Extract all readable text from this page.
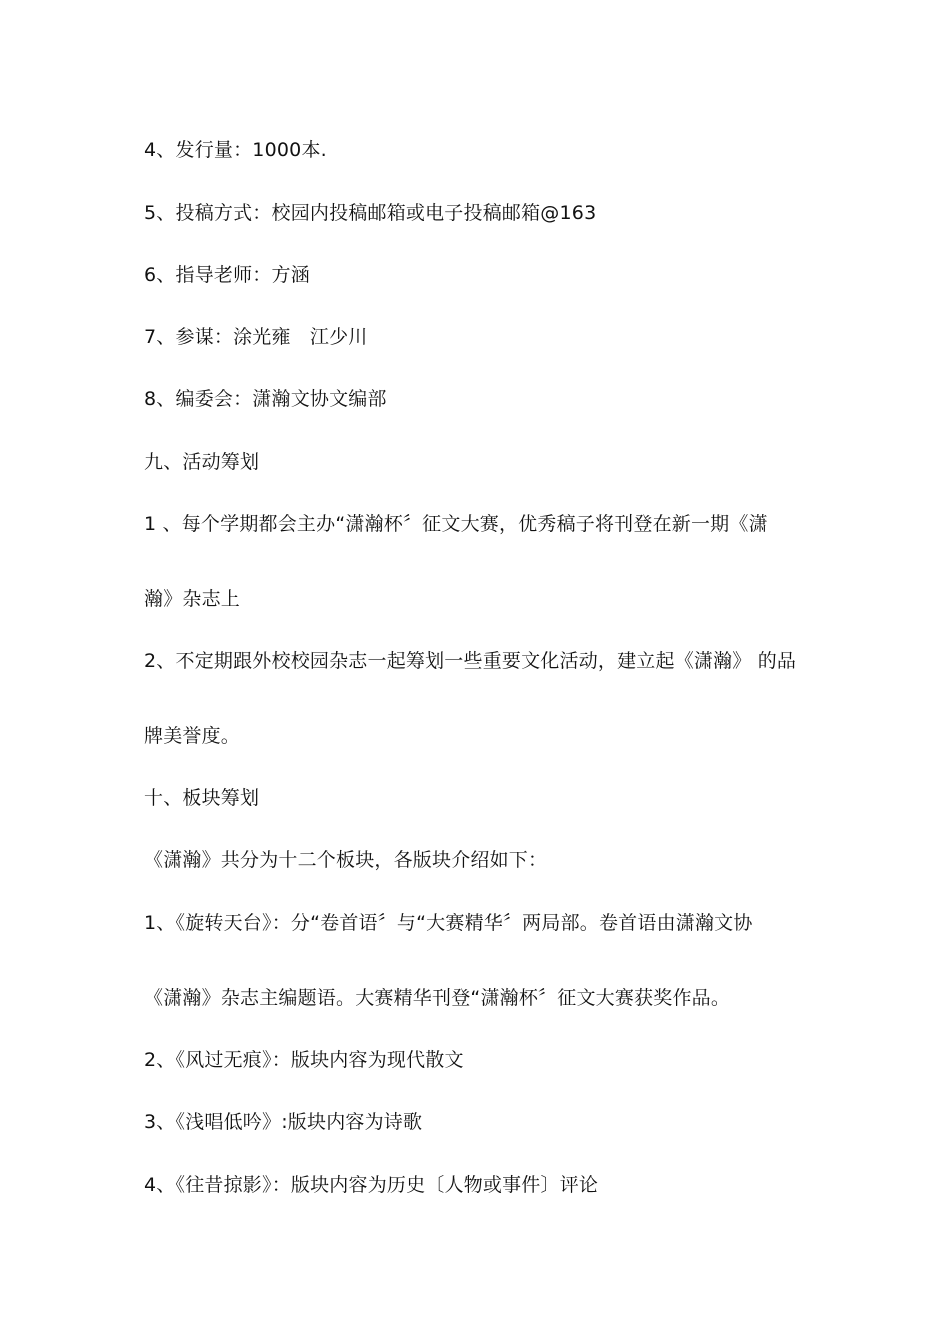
4、发行量：1000本.
5、投稿方式：校园内投稿邮箱或电子投稿邮箱@163
6、指导老师：方涵
7、参谋：涂光雍　江少川
8、编委会：潇瀚文协文编部
九、活动筹划
1 、每个学期都会主办“潇瀚杯〞征文大赛，优秀稿子将刊登在新一期《潇
瀚》杂志上
2、不定期跟外校校园杂志一起筹划一些重要文化活动，建立起《潇瀚》 的品
牌美誉度。
十、板块筹划
《潇瀚》共分为十二个板块，各版块介绍如下：
1、《旋转天台》：分“卷首语〞与“大赛精华〞两局部。卷首语由潇瀚文协
《潇瀚》杂志主编题语。大赛精华刊登“潇瀚杯〞征文大赛获奖作品。
2、《风过无痕》：版块内容为现代散文
3、《浅唱低吟》:版块内容为诗歌
4、《往昔掠影》：版块内容为历史〔人物或事件〕评论
